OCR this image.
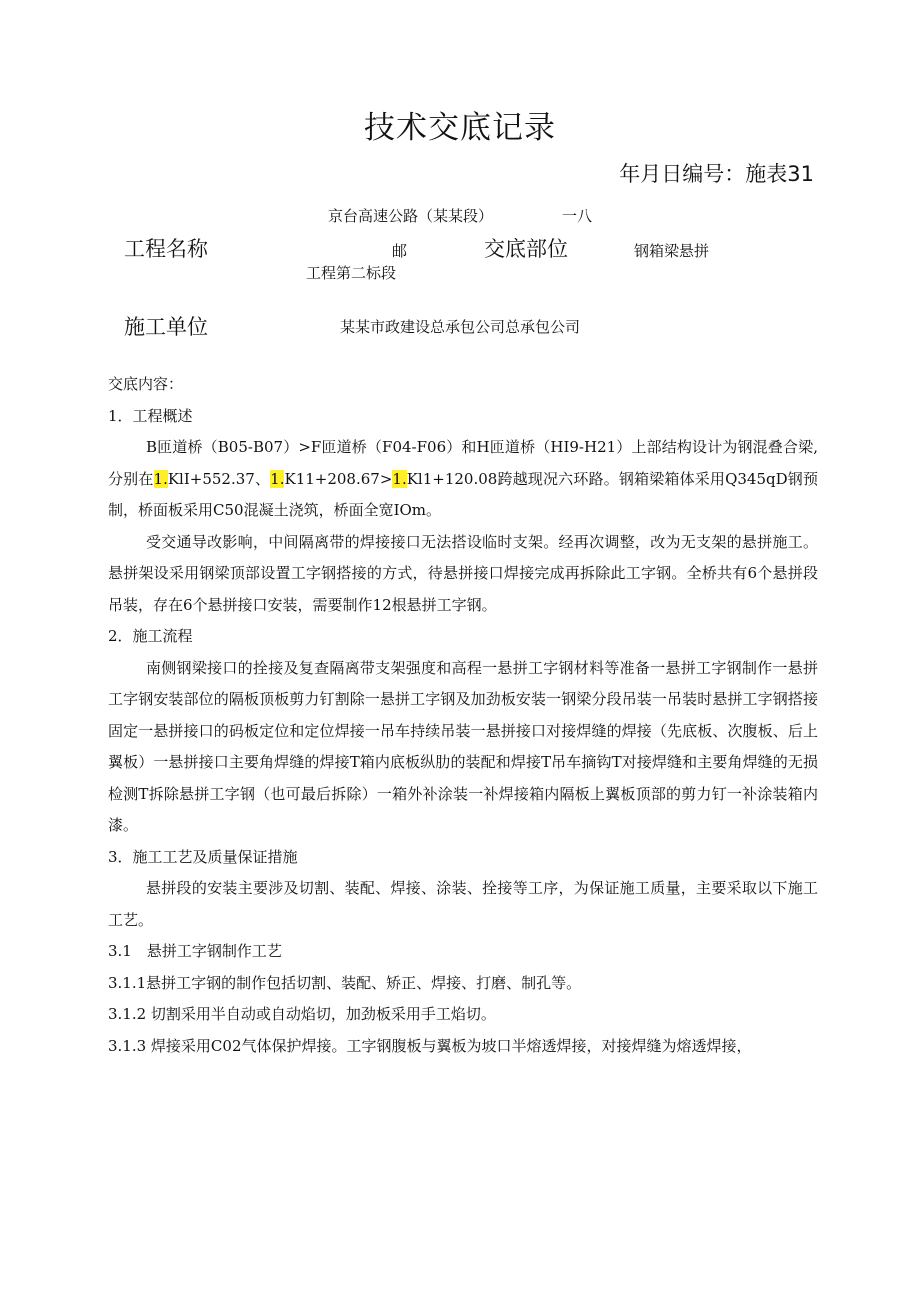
技术交底记录
年月日编号：施表31
京台高速公路（某某段）	一八
工程名称	邮	交底部位	钢箱梁悬拼
工程第二标段
施工单位	某某市政建设总承包公司总承包公司

交底内容：

1．工程概述

B匝道桥（B05-B07）>F匝道桥（F04-F06）和H匝道桥（HI9-H21）上部结构设计为钢混叠合梁,分别在1.KlI+552.37、1.K11+208.67>1.Kl1+120.08跨越现况六环路。钢箱梁箱体采用Q345qD钢预制，桥面板采用C50混凝土浇筑，桥面全宽IOm。

受交通导改影响，中间隔离带的焊接接口无法搭设临时支架。经再次调整，改为无支架的悬拼施工。悬拼架设采用钢梁顶部设置工字钢搭接的方式，待悬拼接口焊接完成再拆除此工字钢。全桥共有6个悬拼段吊装，存在6个悬拼接口安装，需要制作12根悬拼工字钢。

2．施工流程

南侧钢梁接口的拴接及复查隔离带支架强度和高程一悬拼工字钢材料等准备一悬拼工字钢制作一悬拼工字钢安装部位的隔板顶板剪力钉割除一悬拼工字钢及加劲板安装一钢梁分段吊装一吊装时悬拼工字钢搭接固定一悬拼接口的码板定位和定位焊接一吊车持续吊装一悬拼接口对接焊缝的焊接（先底板、次腹板、后上翼板）一悬拼接口主要角焊缝的焊接T箱内底板纵肋的装配和焊接T吊车摘钩T对接焊缝和主要角焊缝的无损检测T拆除悬拼工字钢（也可最后拆除）一箱外补涂装一补焊接箱内隔板上翼板顶部的剪力钉一补涂装箱内漆。

3．施工工艺及质量保证措施

悬拼段的安装主要涉及切割、装配、焊接、涂装、拴接等工序，为保证施工质量，主要采取以下施工工艺。

3.1　悬拼工字钢制作工艺

3.1.1悬拼工字钢的制作包括切割、装配、矫正、焊接、打磨、制孔等。

3.1.2 切割采用半自动或自动焰切，加劲板采用手工焰切。

3.1.3 焊接采用C02气体保护焊接。工字钢腹板与翼板为坡口半熔透焊接，对接焊缝为熔透焊接，
